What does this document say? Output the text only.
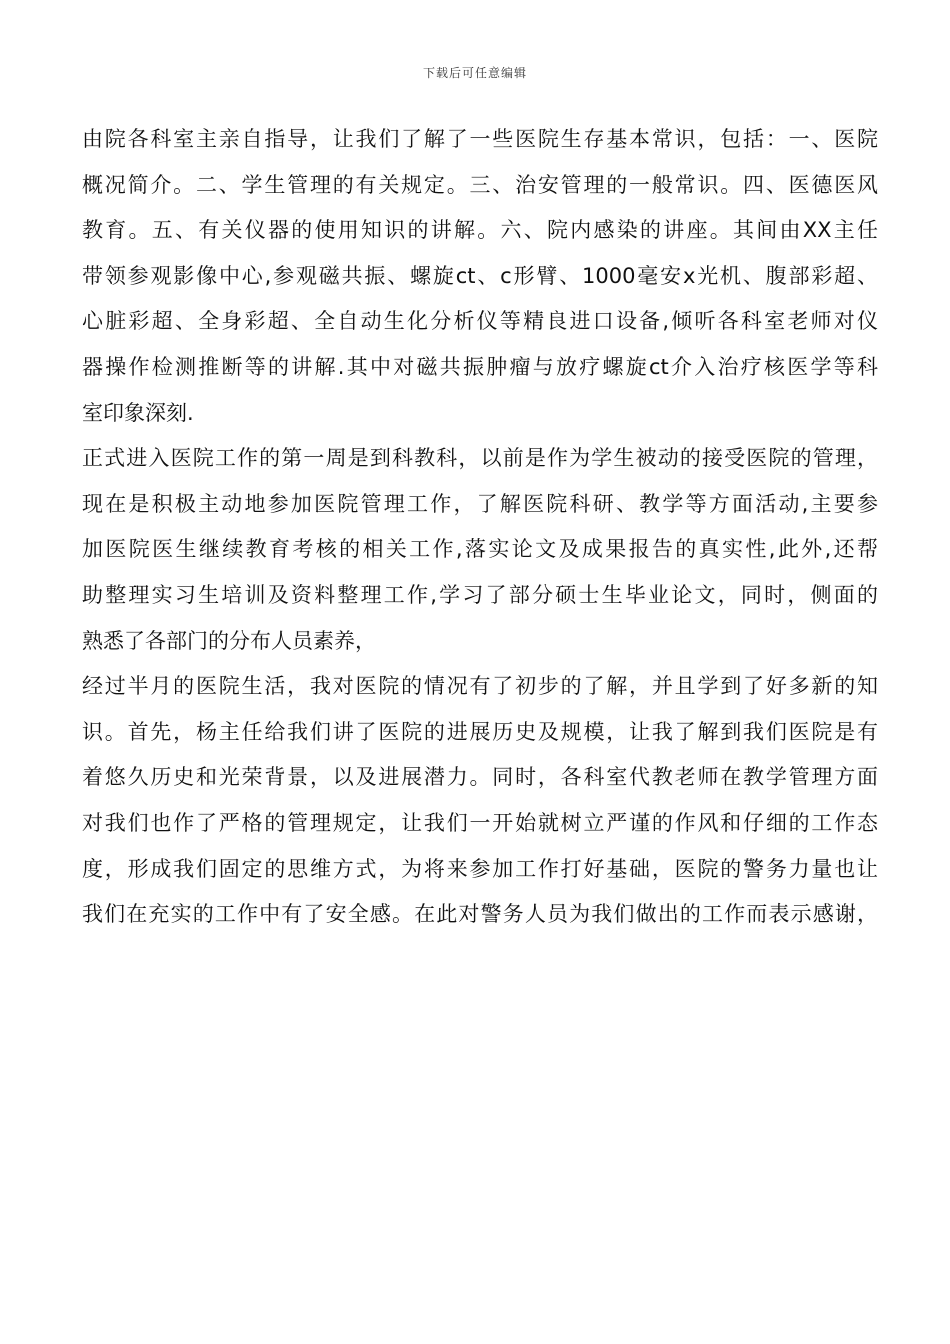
下载后可任意编辑
由院各科室主亲自指导，让我们了解了一些医院生存基本常识，包括：一、医院
概况简介。二、学生管理的有关规定。三、治安管理的一般常识。四、医德医风
教育。五、有关仪器的使用知识的讲解。六、院内感染的讲座。其间由XX主任
带领参观影像中心,参观磁共振、螺旋ct、c形臂、1000毫安x光机、腹部彩超、
心脏彩超、全身彩超、全自动生化分析仪等精良进口设备,倾听各科室老师对仪
器操作检测推断等的讲解.其中对磁共振肿瘤与放疗螺旋ct介入治疗核医学等科
室印象深刻.
正式进入医院工作的第一周是到科教科，以前是作为学生被动的接受医院的管理，
现在是积极主动地参加医院管理工作，了解医院科研、教学等方面活动,主要参
加医院医生继续教育考核的相关工作,落实论文及成果报告的真实性,此外,还帮
助整理实习生培训及资料整理工作,学习了部分硕士生毕业论文，同时，侧面的
熟悉了各部门的分布人员素养，
经过半月的医院生活，我对医院的情况有了初步的了解，并且学到了好多新的知
识。首先，杨主任给我们讲了医院的进展历史及规模，让我了解到我们医院是有
着悠久历史和光荣背景，以及进展潜力。同时，各科室代教老师在教学管理方面
对我们也作了严格的管理规定，让我们一开始就树立严谨的作风和仔细的工作态
度，形成我们固定的思维方式，为将来参加工作打好基础，医院的警务力量也让
我们在充实的工作中有了安全感。在此对警务人员为我们做出的工作而表示感谢，
